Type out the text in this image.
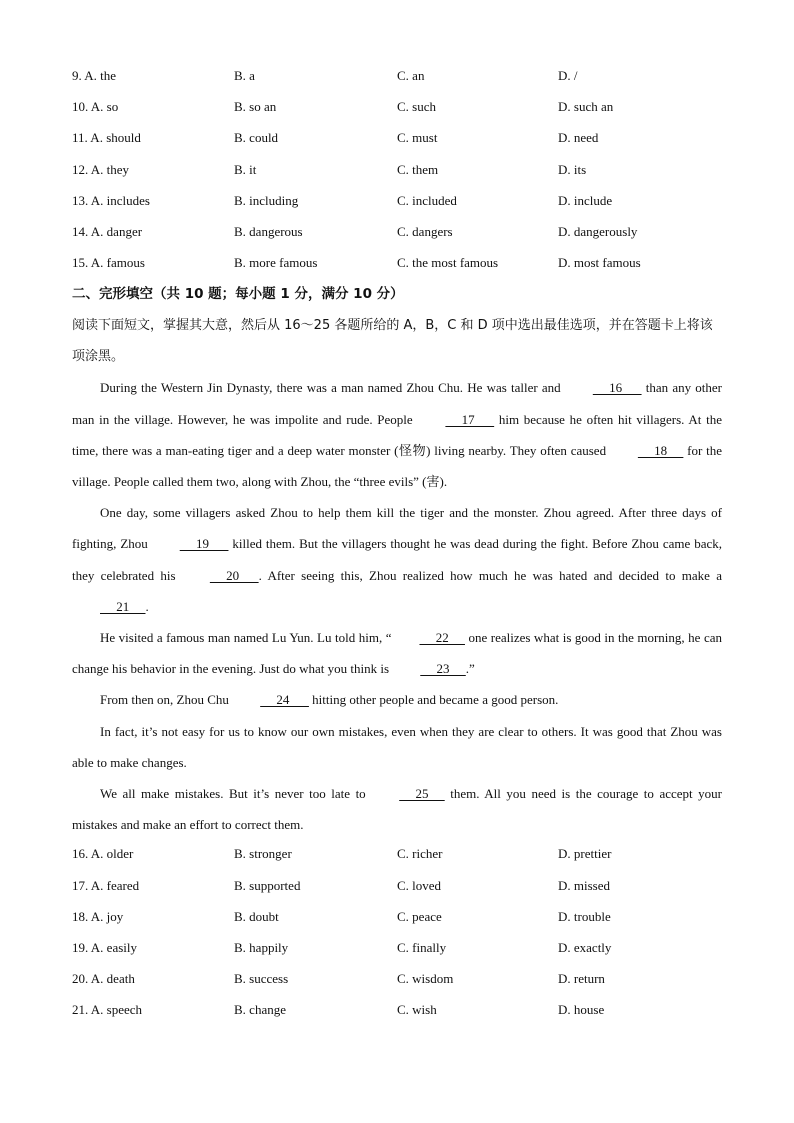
9. A. the	B. a	C. an	D. /
10. A. so	B. so an	C. such	D. such an
11. A. should	B. could	C. must	D. need
12. A. they	B. it	C. them	D. its
13. A. includes	B. including	C. included	D. include
14. A. danger	B. dangerous	C. dangers	D. dangerously
15. A. famous	B. more famous	C. the most famous	D. most famous
二、完形填空（共 10 题；每小题 1 分，满分 10 分）

阅读下面短文，掌握其大意，然后从 16～25 各题所给的 A，B，C 和 D 项中选出最佳选项，并在答题卡上将该项涂黑。

During the Western Jin Dynasty, there was a man named Zhou Chu. He was taller and      16       than any other man in the village. However, he was impolite and rude. People      17       him because he often hit villagers. At the time, there was a man-eating tiger and a deep water monster (怪物) living nearby. They often caused      18      for the village. People called them two, along with Zhou, the “three evils” (害).

One day, some villagers asked Zhou to help them kill the tiger and the monster. Zhou agreed. After three days of fighting, Zhou      19       killed them. But the villagers thought he was dead during the fight. Before Zhou came back, they celebrated his      20      . After seeing this, Zhou realized how much he was hated and decided to make a      21     .

He visited a famous man named Lu Yun. Lu told him, “     22      one realizes what is good in the morning, he can change his behavior in the evening. Just do what you think is      23     .”

From then on, Zhou Chu      24       hitting other people and became a good person.

In fact, it’s not easy for us to know our own mistakes, even when they are clear to others. It was good that Zhou was able to make changes.

We all make mistakes. But it’s never too late to      25      them. All you need is the courage to accept your mistakes and make an effort to correct them.

16. A. older	B. stronger	C. richer	D. prettier
17. A. feared	B. supported	C. loved	D. missed
18. A. joy	B. doubt	C. peace	D. trouble
19. A. easily	B. happily	C. finally	D. exactly
20. A. death	B. success	C. wisdom	D. return
21. A. speech	B. change	C. wish	D. house
